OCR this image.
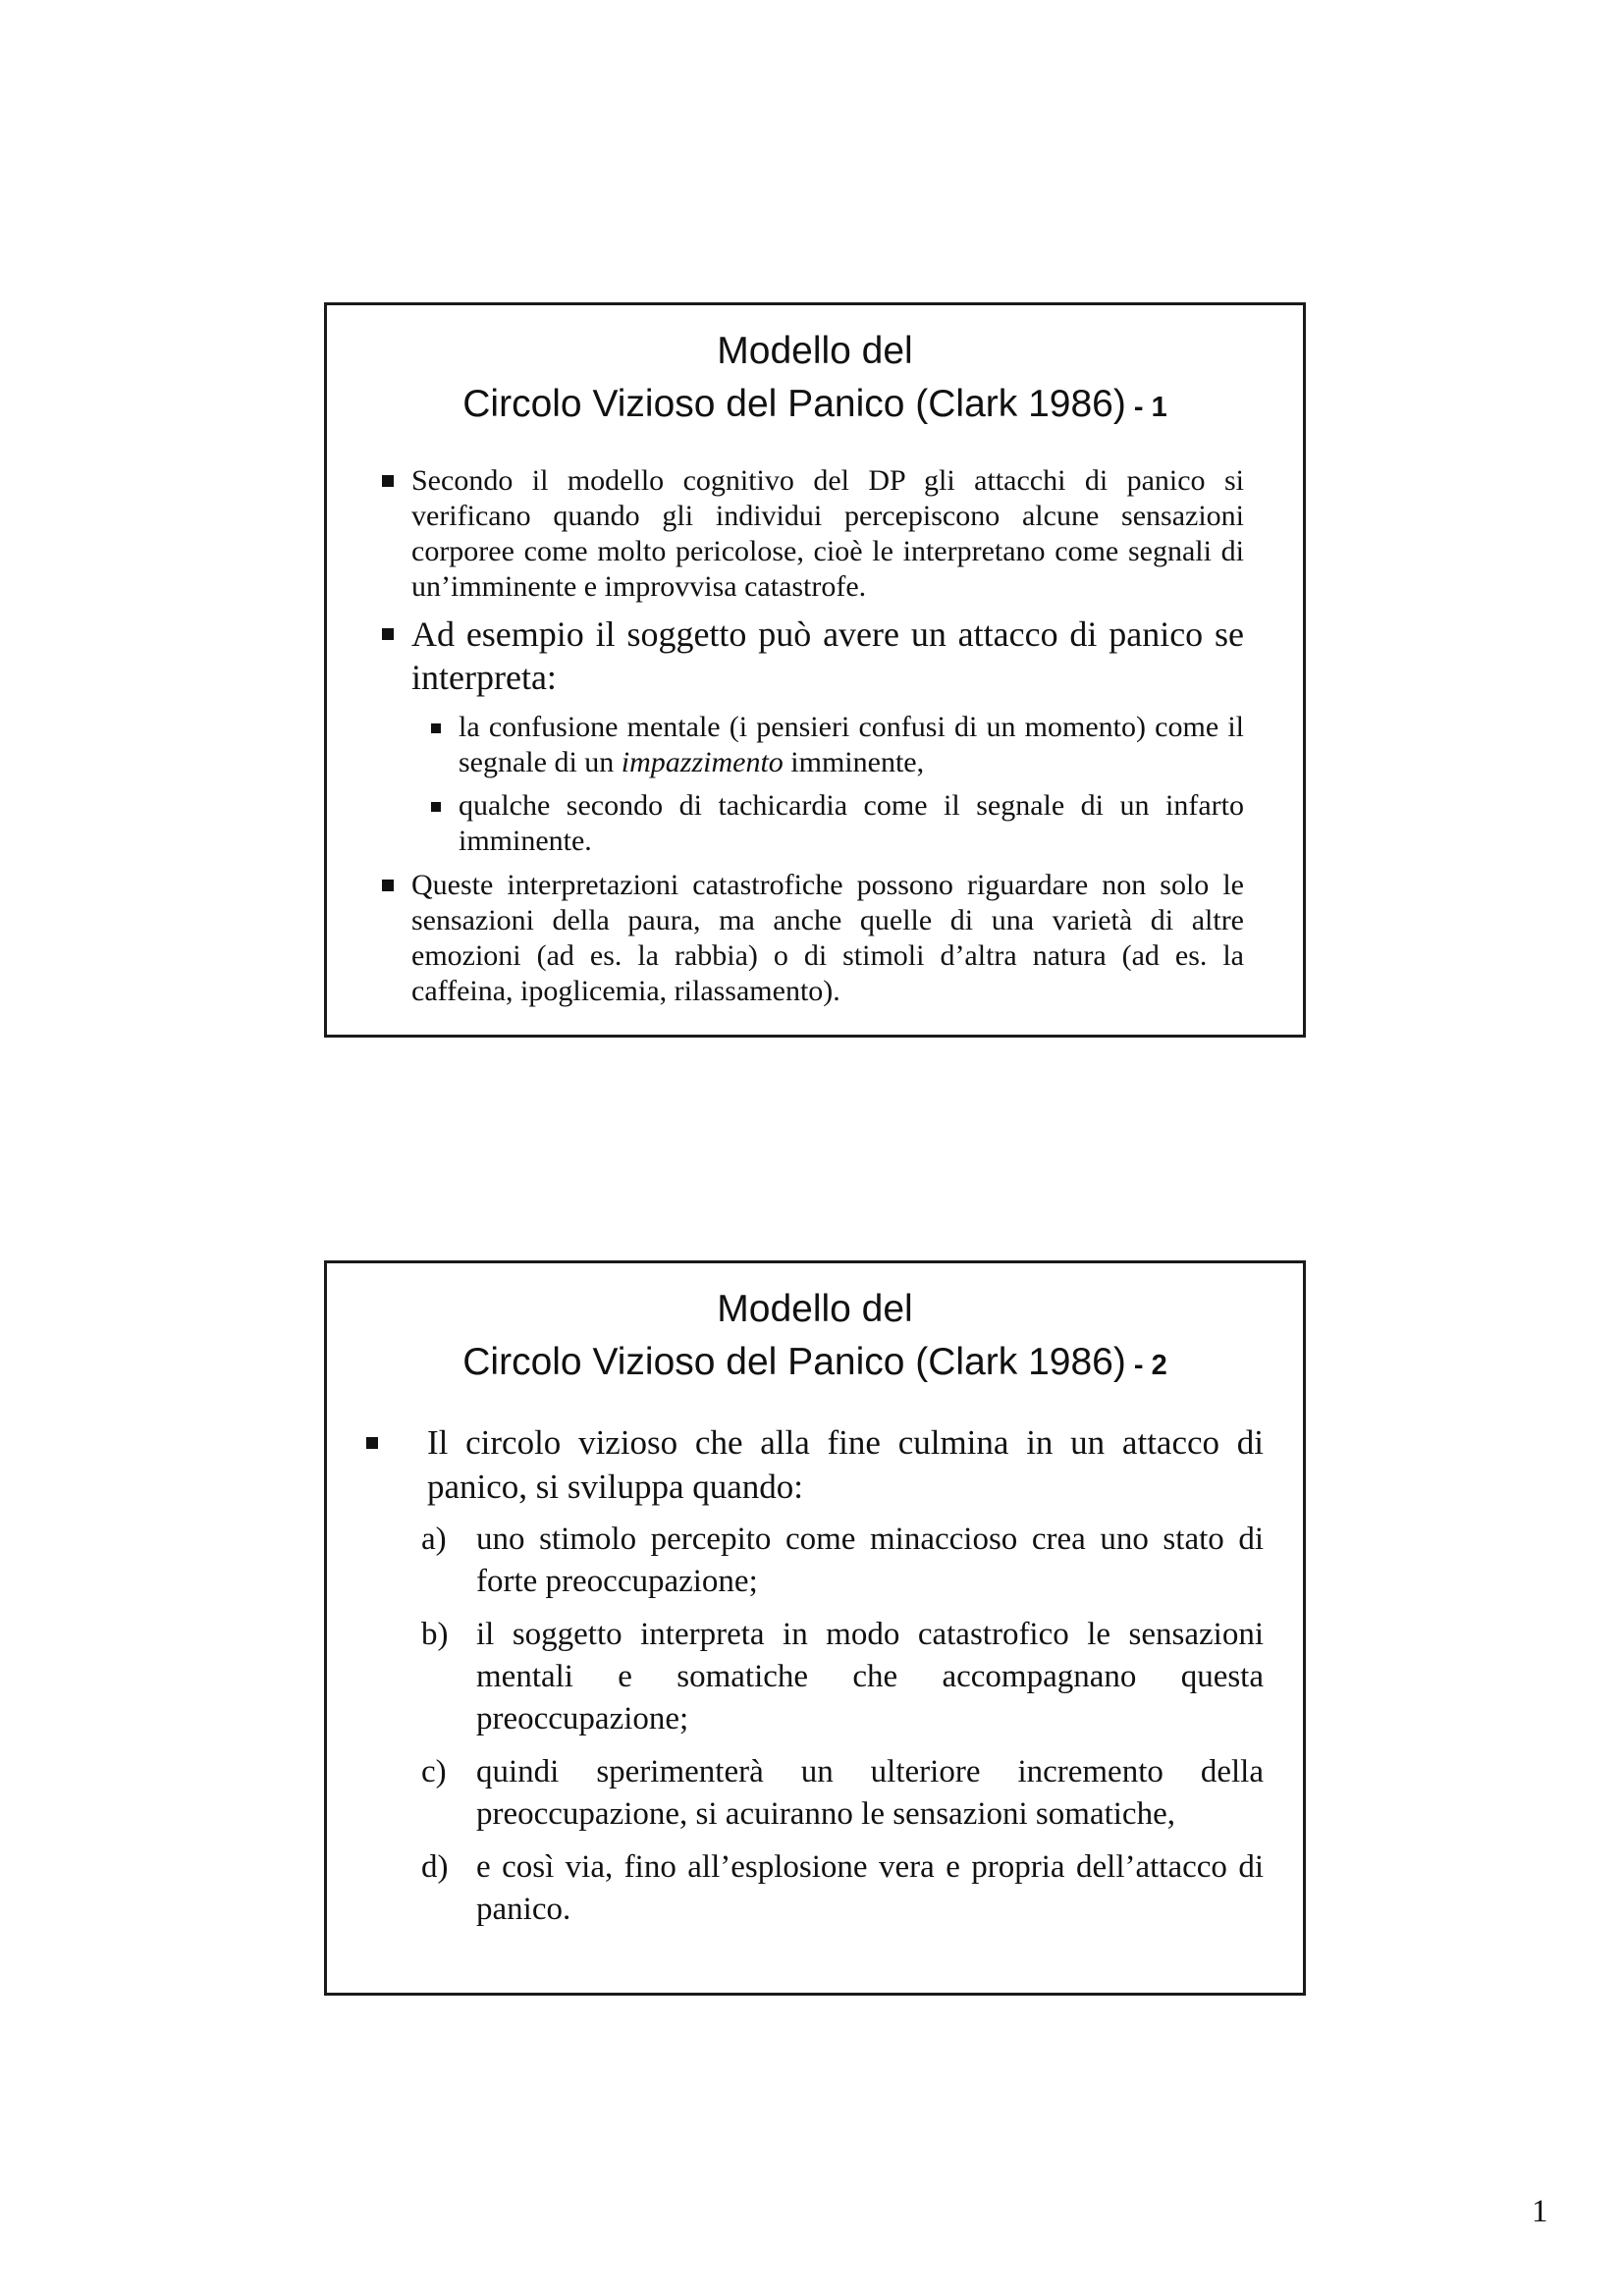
Modello del
Circolo Vizioso del Panico (Clark 1986) - 1

Secondo il modello cognitivo del DP gli attacchi di panico si verificano quando gli individui percepiscono alcune sensazioni corporee come molto pericolose, cioè le interpretano come segnali di un’imminente e improvvisa catastrofe.
Ad esempio il soggetto può avere un attacco di panico se interpreta:
la confusione mentale (i pensieri confusi di un momento) come il segnale di un impazzimento imminente,
qualche secondo di tachicardia come il segnale di un infarto imminente.
Queste interpretazioni catastrofiche possono riguardare non solo le sensazioni della paura, ma anche quelle di una varietà di altre emozioni (ad es. la rabbia) o di stimoli d’altra natura (ad es. la caffeina, ipoglicemia, rilassamento).

Modello del
Circolo Vizioso del Panico (Clark 1986) - 2

Il circolo vizioso che alla fine culmina in un attacco di panico, si sviluppa quando:
a) uno stimolo percepito come minaccioso crea uno stato di forte preoccupazione;
b) il soggetto interpreta in modo catastrofico le sensazioni mentali e somatiche che accompagnano questa preoccupazione;
c) quindi sperimenterà un ulteriore incremento della preoccupazione, si acuiranno le sensazioni somatiche,
d) e così via, fino all’esplosione vera e propria dell’attacco di panico.
1
